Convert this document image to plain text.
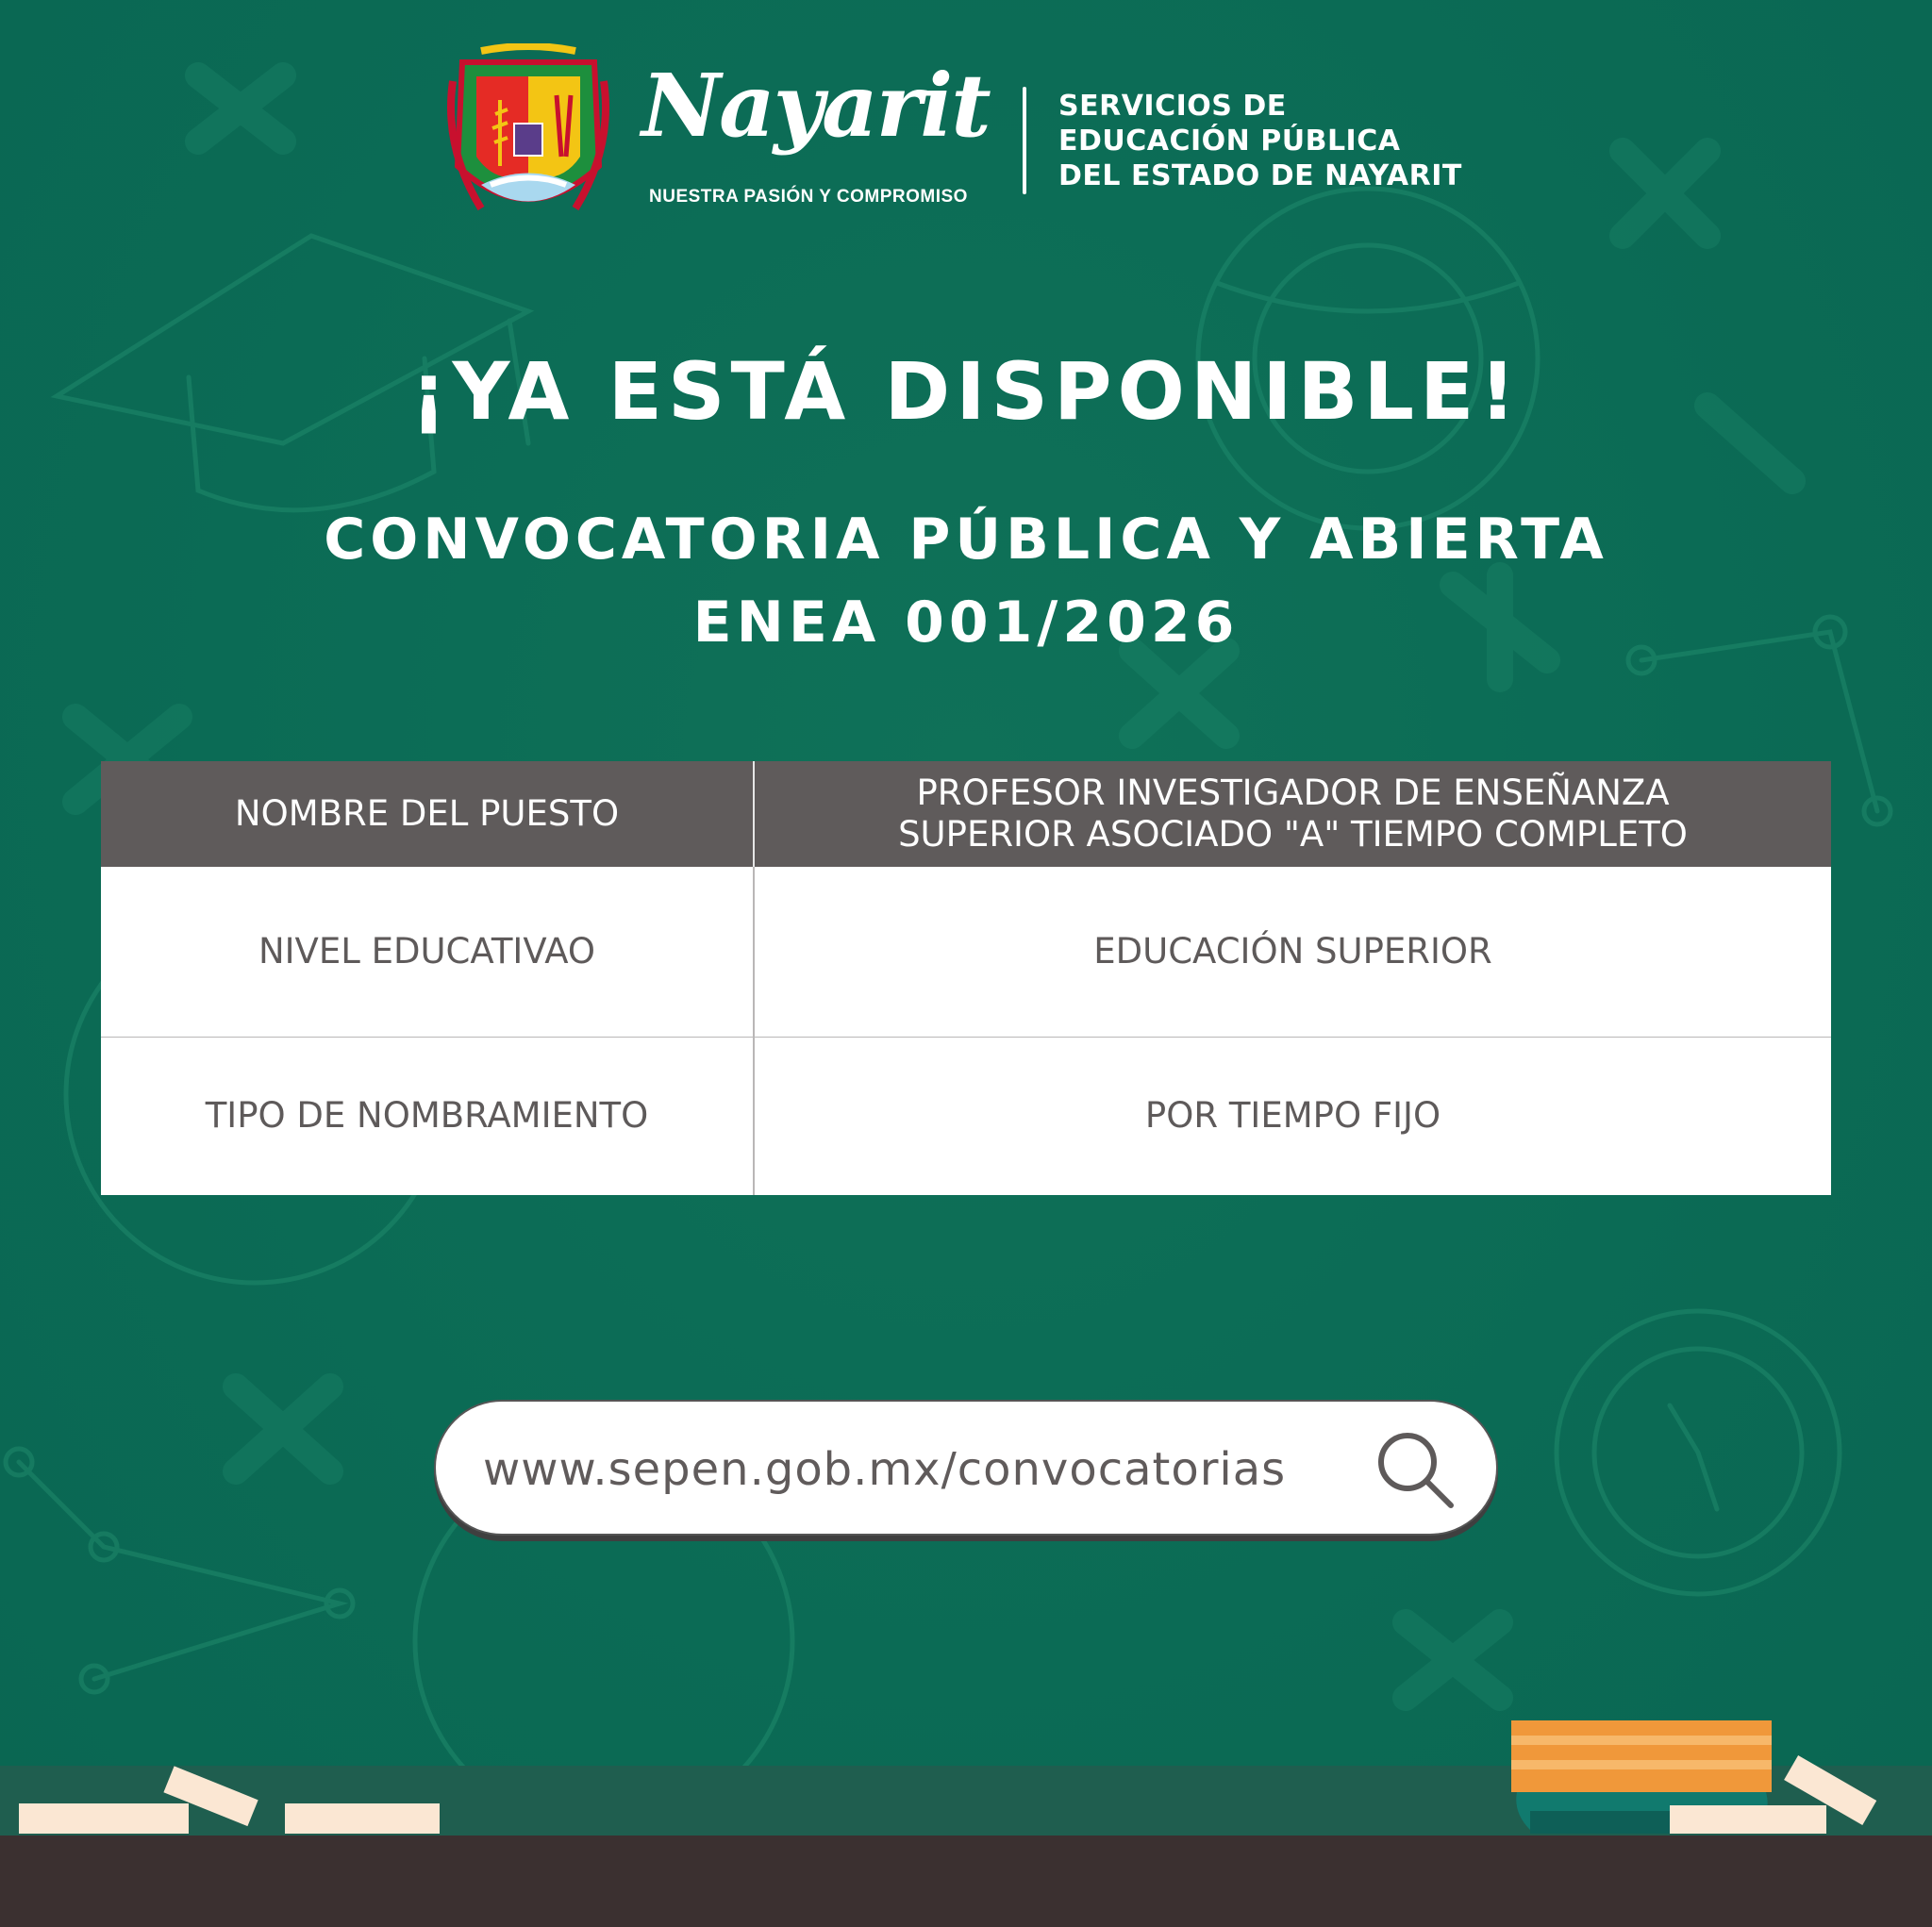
Nayarit
NUESTRA PASIÓN Y COMPROMISO
SERVICIOS DE
EDUCACIÓN PÚBLICA
DEL ESTADO DE NAYARIT
¡YA ESTÁ DISPONIBLE!
CONVOCATORIA PÚBLICA Y ABIERTA
ENEA 001/2026
NOMBRE DEL PUESTO
PROFESOR INVESTIGADOR DE ENSEÑANZA
SUPERIOR ASOCIADO "A" TIEMPO COMPLETO
NIVEL EDUCATIVAO	EDUCACIÓN SUPERIOR
TIPO DE NOMBRAMIENTO	POR TIEMPO FIJO
www.sepen.gob.mx/convocatorias
